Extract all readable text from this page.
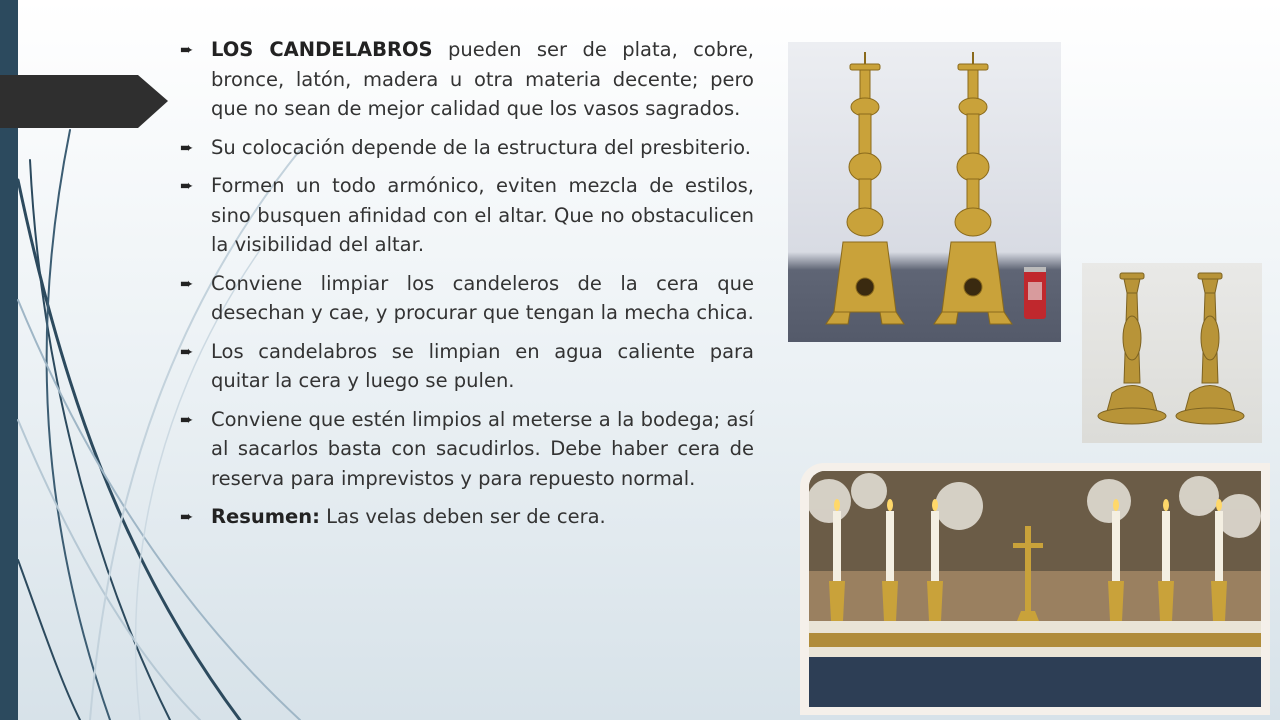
➨ LOS CANDELABROS pueden ser de plata, cobre, bronce, latón, madera u otra materia decente; pero que no sean de mejor calidad que los vasos sagrados.
➨ Su colocación depende de la estructura del presbiterio.
➨ Formen un todo armónico, eviten mezcla de estilos, sino busquen afinidad con el altar. Que no obstaculicen la visibilidad del altar.
➨ Conviene limpiar los candeleros de la cera que desechan y cae, y procurar que tengan la mecha chica.
➨ Los candelabros se limpian en agua caliente para quitar la cera y luego se pulen.
➨ Conviene que estén limpios al meterse a la bodega; así al sacarlos basta con sacudirlos. Debe haber cera de reserva para imprevistos y para repuesto normal.
➨ Resumen: Las velas deben ser de cera.
